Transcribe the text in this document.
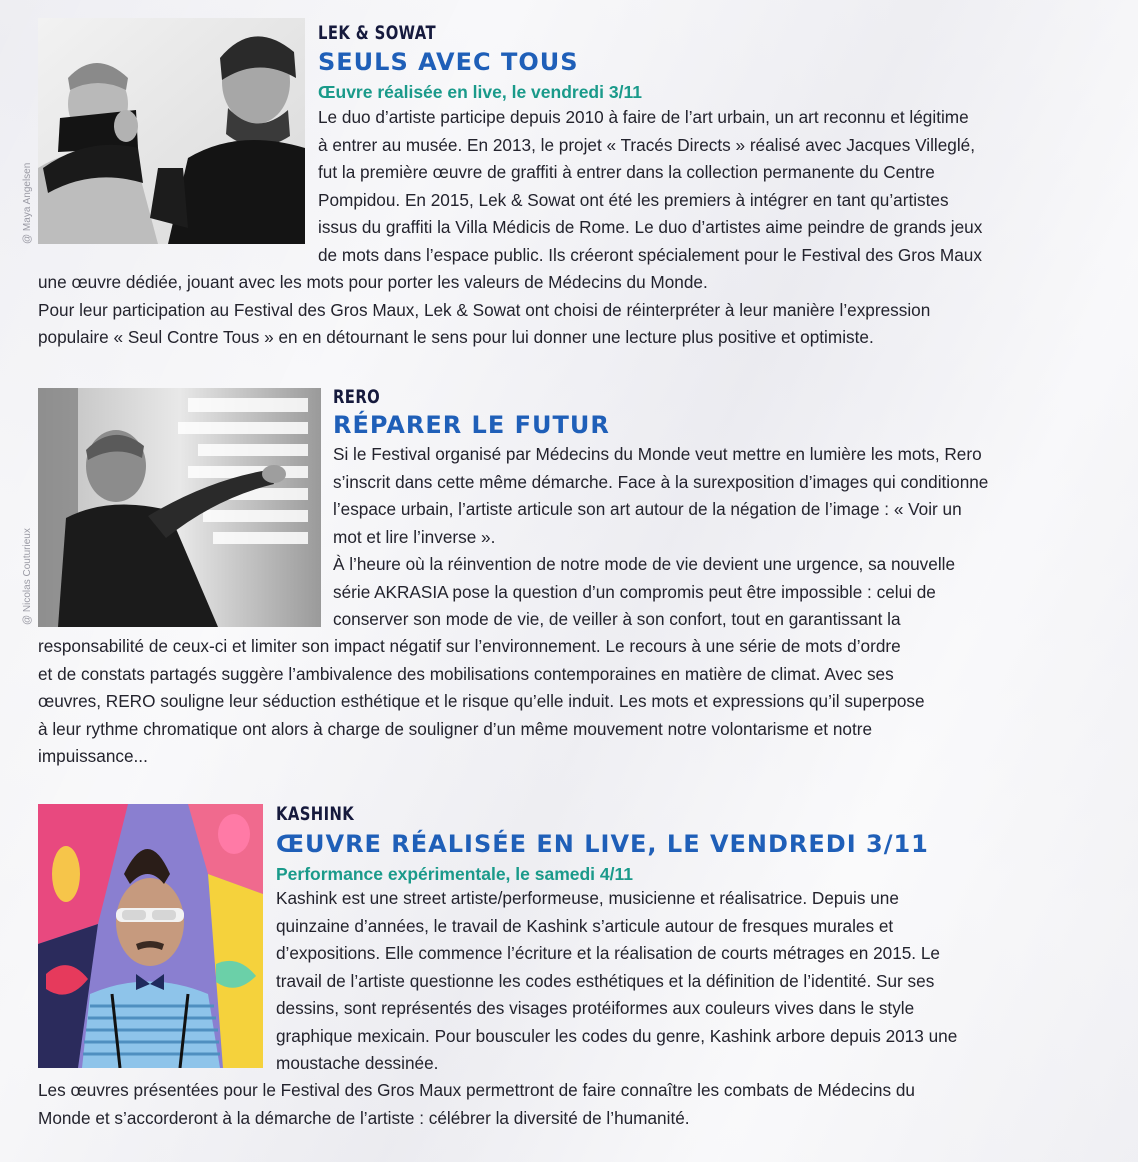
@ Maya Angelsen
LEK & SOWAT
SEULS AVEC TOUS
Œuvre réalisée en live, le vendredi 3/11
Le duo d’artiste participe depuis 2010 à faire de l’art urbain, un art reconnu et légitime
à entrer au musée. En 2013, le projet « Tracés Directs » réalisé avec Jacques Villeglé,
fut la première œuvre de graffiti à entrer dans la collection permanente du Centre
Pompidou. En 2015, Lek & Sowat ont été les premiers à intégrer en tant qu’artistes
issus du graffiti la Villa Médicis de Rome. Le duo d’artistes aime peindre de grands jeux
de mots dans l’espace public. Ils créeront spécialement pour le Festival des Gros Maux
une œuvre dédiée, jouant avec les mots pour porter les valeurs de Médecins du Monde.
Pour leur participation au Festival des Gros Maux, Lek & Sowat ont choisi de réinterpréter à leur manière l’expression
populaire « Seul Contre Tous » en en détournant le sens pour lui donner une lecture plus positive et optimiste.
@ Nicolas Couturieux
RERO
RÉPARER LE FUTUR
Si le Festival organisé par Médecins du Monde veut mettre en lumière les mots, Rero
s’inscrit dans cette même démarche. Face à la surexposition d’images qui conditionne
l’espace urbain, l’artiste articule son art autour de la négation de l’image : « Voir un
mot et lire l’inverse ».
À l’heure où la réinvention de notre mode de vie devient une urgence, sa nouvelle
série AKRASIA pose la question d’un compromis peut être impossible : celui de
conserver son mode de vie, de veiller à son confort, tout en garantissant la
responsabilité de ceux-ci et limiter son impact négatif sur l’environnement. Le recours à une série de mots d’ordre
et de constats partagés suggère l’ambivalence des mobilisations contemporaines en matière de climat. Avec ses
œuvres, RERO souligne leur séduction esthétique et le risque qu’elle induit. Les mots et expressions qu’il superpose
à leur rythme chromatique ont alors à charge de souligner d’un même mouvement notre volontarisme et notre
impuissance...
KASHINK
ŒUVRE RÉALISÉE EN LIVE, LE VENDREDI 3/11
Performance expérimentale, le samedi 4/11
Kashink est une street artiste/performeuse, musicienne et réalisatrice. Depuis une
quinzaine d’années, le travail de Kashink s’articule autour de fresques murales et
d’expositions. Elle commence l’écriture et la réalisation de courts métrages en 2015. Le
travail de l’artiste questionne les codes esthétiques et la définition de l’identité. Sur ses
dessins, sont représentés des visages protéiformes aux couleurs vives dans le style
graphique mexicain. Pour bousculer les codes du genre, Kashink arbore depuis 2013 une
moustache dessinée.
Les œuvres présentées pour le Festival des Gros Maux permettront de faire connaître les combats de Médecins du
Monde et s’accorderont à la démarche de l’artiste : célébrer la diversité de l’humanité.
